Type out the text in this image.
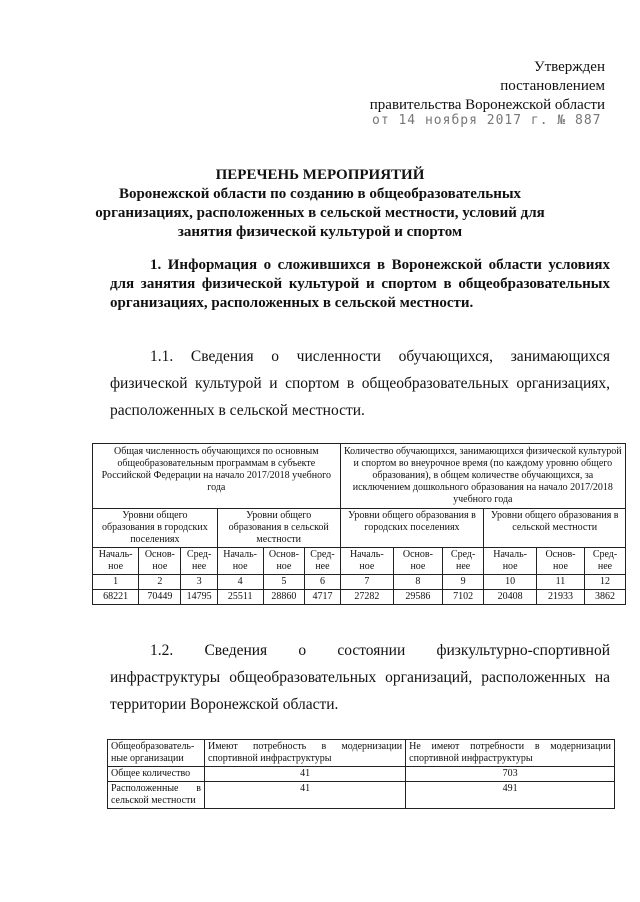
Утвержден
постановлением
правительства Воронежской области
от 14 ноября 2017 г. № 887
ПЕРЕЧЕНЬ МЕРОПРИЯТИЙ
Воронежской области по созданию в общеобразовательных
организациях, расположенных в сельской местности, условий для
занятия физической культурой и спортом
1. Информация о сложившихся в Воронежской области условиях для занятия физической культурой и спортом в общеобразовательных организациях, расположенных в сельской местности.
1.1. Сведения о численности обучающихся, занимающихся физической культурой и спортом в общеобразовательных организациях, расположенных в сельской местности.
Общая численность обучающихся по основным общеобразовательным программам в субъекте Российской Федерации на начало 2017/2018 учебного года						Количество обучающихся, занимающихся физической культурой и спортом во внеурочное время (по каждому уровню общего образования), в общем количестве обучающихся, за исключением дошкольного образования на начало 2017/2018 учебного года					
Уровни общего образования в городских поселениях			Уровни общего образования в сельской местности			Уровни общего образования в городских поселениях			Уровни общего образования в сельской местности		
Началь-ное	Основ-ное	Сред-нее	Началь-ное	Основ-ное	Сред-нее	Началь-ное	Основ-ное	Сред-нее	Началь-ное	Основ-ное	Сред-нее
1	2	3	4	5	6	7	8	9	10	11	12
68221	70449	14795	25511	28860	4717	27282	29586	7102	20408	21933	3862
1.2. Сведения о состоянии физкультурно-спортивной инфраструктуры общеобразовательных организаций, расположенных на территории Воронежской области.
Общеобразователь-ные организации	Имеют потребность в модернизации спортивной инфраструктуры	Не имеют потребности в модернизации спортивной инфраструктуры
Общее количество	41	703
Расположенные в сельской местности	41	491
